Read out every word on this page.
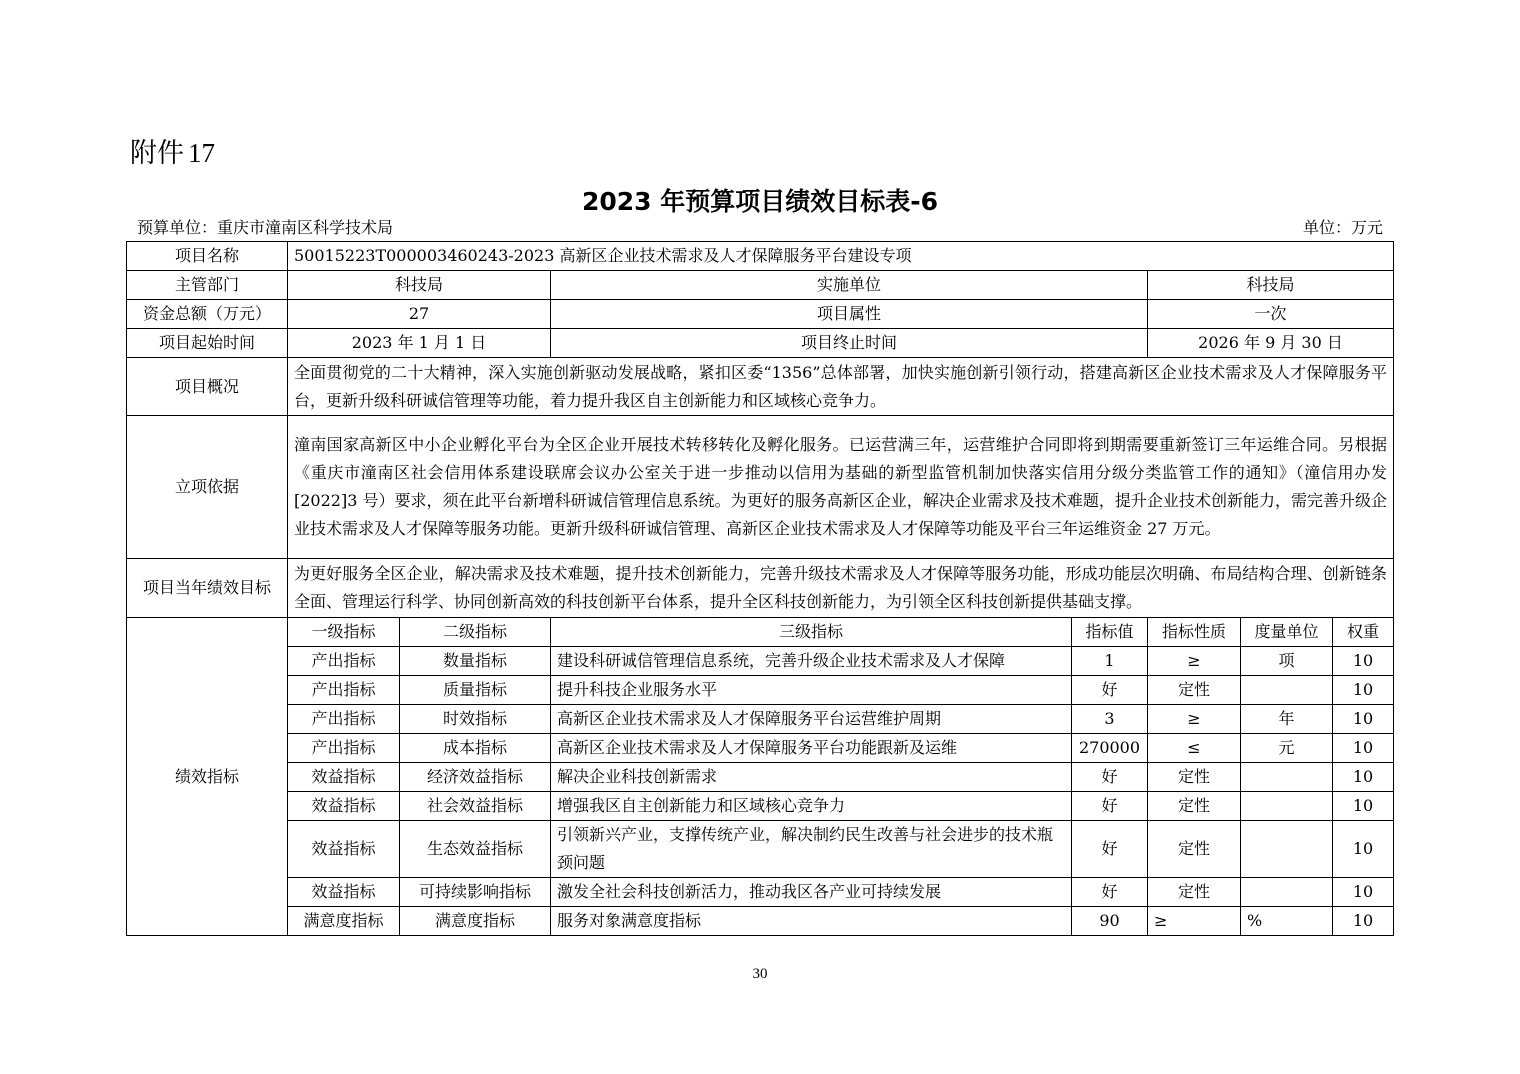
附件 17
2023 年预算项目绩效目标表-6
预算单位：重庆市潼南区科学技术局	单位：万元
项目名称	50015223T000003460243-2023 高新区企业技术需求及人才保障服务平台建设专项						
主管部门	科技局		实施单位		科技局		
资金总额（万元）	27		项目属性		一次		
项目起始时间	2023 年 1 月 1 日		项目终止时间		2026 年 9 月 30 日		
项目概况	全面贯彻党的二十大精神，深入实施创新驱动发展战略，紧扣区委“1356”总体部署，加快实施创新引领行动，搭建高新区企业技术需求及人才保障服务平台，更新升级科研诚信管理等功能，着力提升我区自主创新能力和区域核心竞争力。						
立项依据	潼南国家高新区中小企业孵化平台为全区企业开展技术转移转化及孵化服务。已运营满三年，运营维护合同即将到期需要重新签订三年运维合同。另根据《重庆市潼南区社会信用体系建设联席会议办公室关于进一步推动以信用为基础的新型监管机制加快落实信用分级分类监管工作的通知》（潼信用办发[2022]3 号）要求，须在此平台新增科研诚信管理信息系统。为更好的服务高新区企业，解决企业需求及技术难题，提升企业技术创新能力，需完善升级企业技术需求及人才保障等服务功能。更新升级科研诚信管理、高新区企业技术需求及人才保障等功能及平台三年运维资金 27 万元。						
项目当年绩效目标	为更好服务全区企业，解决需求及技术难题，提升技术创新能力，完善升级技术需求及人才保障等服务功能，形成功能层次明确、布局结构合理、创新链条全面、管理运行科学、协同创新高效的科技创新平台体系，提升全区科技创新能力，为引领全区科技创新提供基础支撑。						
绩效指标	一级指标	二级指标	三级指标	指标值	指标性质	度量单位	权重
	产出指标	数量指标	建设科研诚信管理信息系统，完善升级企业技术需求及人才保障	1	≥	项	10
	产出指标	质量指标	提升科技企业服务水平	好	定性		10
	产出指标	时效指标	高新区企业技术需求及人才保障服务平台运营维护周期	3	≥	年	10
	产出指标	成本指标	高新区企业技术需求及人才保障服务平台功能跟新及运维	270000	≤	元	10
	效益指标	经济效益指标	解决企业科技创新需求	好	定性		10
	效益指标	社会效益指标	增强我区自主创新能力和区域核心竞争力	好	定性		10
	效益指标	生态效益指标	引领新兴产业，支撑传统产业，解决制约民生改善与社会进步的技术瓶颈问题	好	定性		10
	效益指标	可持续影响指标	激发全社会科技创新活力，推动我区各产业可持续发展	好	定性		10
	满意度指标	满意度指标	服务对象满意度指标	90	≥	%	10
30
